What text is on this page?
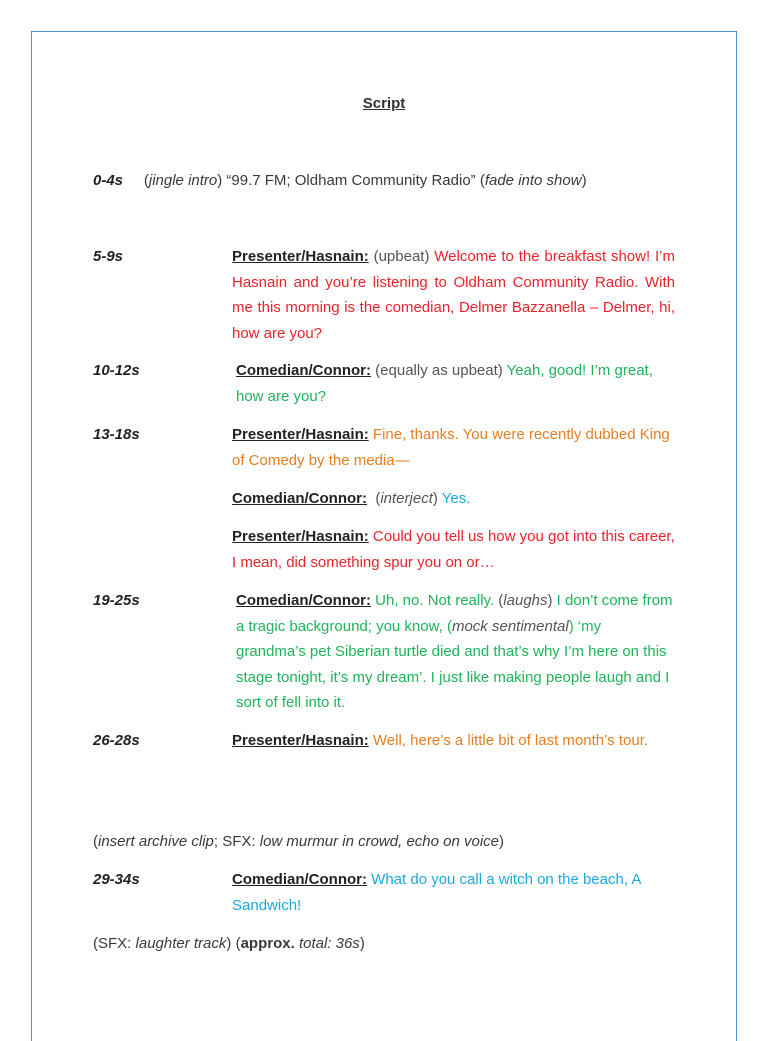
Script
0-4s (jingle intro) “99.7 FM; Oldham Community Radio” (fade into show)
5-9s	Presenter/Hasnain: (upbeat) Welcome to the breakfast show! I’m Hasnain and you’re listening to Oldham Community Radio. With me this morning is the comedian, Delmer Bazzanella – Delmer, hi, how are you?
10-12s	Comedian/Connor: (equally as upbeat) Yeah, good! I’m great, how are you?
13-18s	Presenter/Hasnain: Fine, thanks. You were recently dubbed King of Comedy by the media—
Comedian/Connor: (interject) Yes.
Presenter/Hasnain: Could you tell us how you got into this career, I mean, did something spur you on or…
19-25s	Comedian/Connor: Uh, no. Not really. (laughs) I don’t come from a tragic background; you know, (mock sentimental) ‘my grandma’s pet Siberian turtle died and that’s why I’m here on this stage tonight, it’s my dream’. I just like making people laugh and I sort of fell into it.
26-28s	Presenter/Hasnain: Well, here’s a little bit of last month’s tour.
(insert archive clip; SFX: low murmur in crowd, echo on voice)
29-34s	Comedian/Connor: What do you call a witch on the beach, A Sandwich!
(SFX: laughter track) (approx. total: 36s)
